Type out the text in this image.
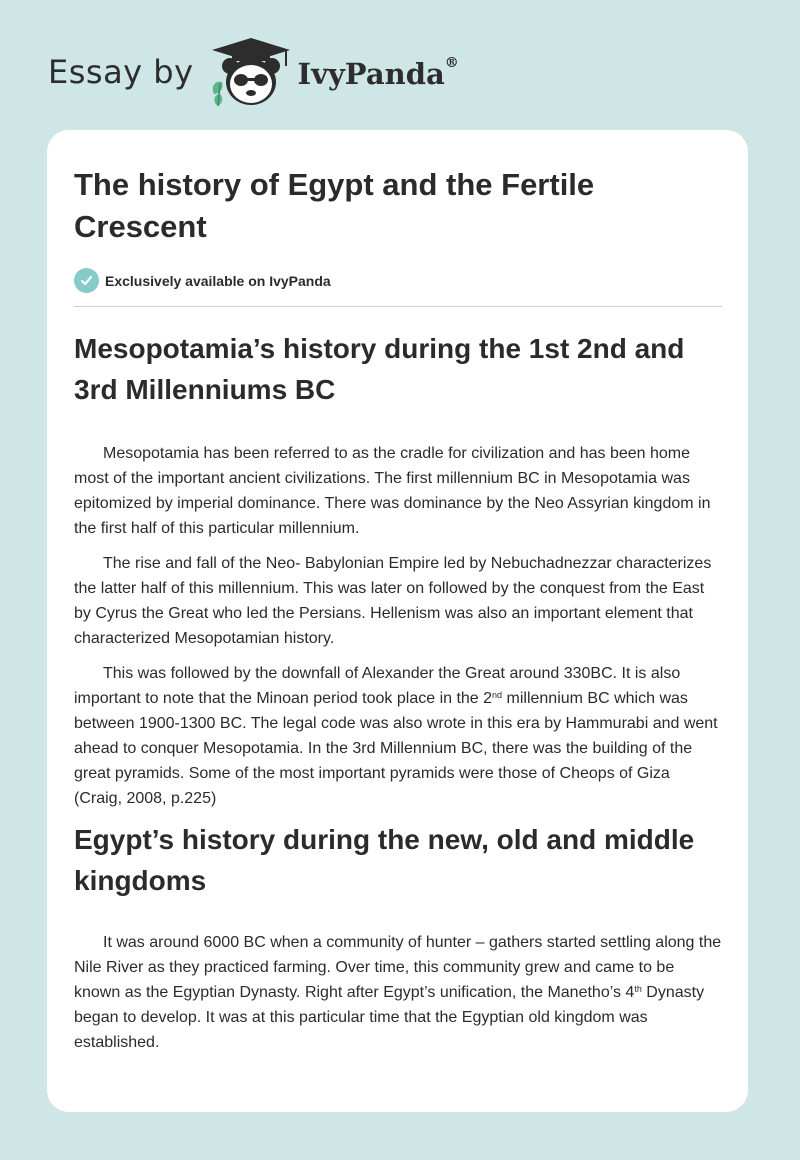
Essay by	IvyPanda®
The history of Egypt and the Fertile Crescent
Exclusively available on IvyPanda
Mesopotamia’s history during the 1st 2nd and 3rd Millenniums BC

Mesopotamia has been referred to as the cradle for civilization and has been home most of the important ancient civilizations. The first millennium BC in Mesopotamia was epitomized by imperial dominance. There was dominance by the Neo Assyrian kingdom in the first half of this particular millennium.

The rise and fall of the Neo- Babylonian Empire led by Nebuchadnezzar characterizes the latter half of this millennium. This was later on followed by the conquest from the East by Cyrus the Great who led the Persians. Hellenism was also an important element that characterized Mesopotamian history.

This was followed by the downfall of Alexander the Great around 330BC. It is also important to note that the Minoan period took place in the 2nd millennium BC which was between 1900-1300 BC. The legal code was also wrote in this era by Hammurabi and went ahead to conquer Mesopotamia. In the 3rd Millennium BC, there was the building of the great pyramids. Some of the most important pyramids were those of Cheops of Giza (Craig, 2008, p.225)

Egypt’s history during the new, old and middle kingdoms

It was around 6000 BC when a community of hunter – gathers started settling along the Nile River as they practiced farming. Over time, this community grew and came to be known as the Egyptian Dynasty. Right after Egypt’s unification, the Manetho’s 4th Dynasty began to develop. It was at this particular time that the Egyptian old kingdom was established.
